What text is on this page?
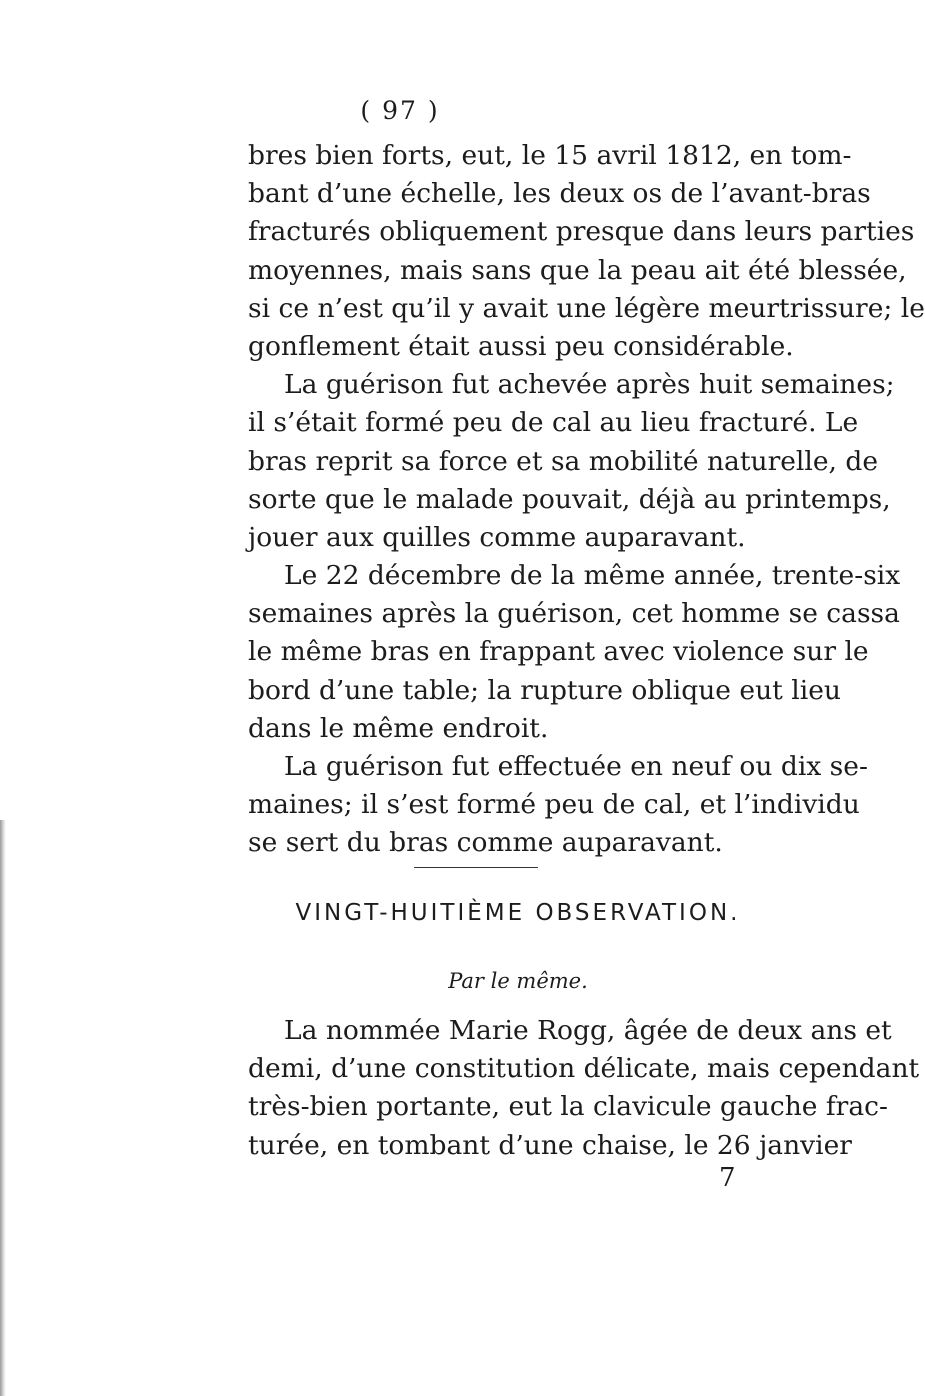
( 97 )
bres bien forts, eut, le 15 avril 1812, en tom-
bant d’une échelle, les deux os de l’avant-bras
fracturés obliquement presque dans leurs parties
moyennes, mais sans que la peau ait été blessée,
si ce n’est qu’il y avait une légère meurtrissure; le
gonflement était aussi peu considérable.
La guérison fut achevée après huit semaines;
il s’était formé peu de cal au lieu fracturé. Le
bras reprit sa force et sa mobilité naturelle, de
sorte que le malade pouvait, déjà au printemps,
jouer aux quilles comme auparavant.
Le 22 décembre de la même année, trente-six
semaines après la guérison, cet homme se cassa
le même bras en frappant avec violence sur le
bord d’une table; la rupture oblique eut lieu
dans le même endroit.
La guérison fut effectuée en neuf ou dix se-
maines; il s’est formé peu de cal, et l’individu
se sert du bras comme auparavant.
VINGT-HUITIÈME OBSERVATION.
Par le même.
La nommée Marie Rogg, âgée de deux ans et
demi, d’une constitution délicate, mais cependant
très-bien portante, eut la clavicule gauche frac-
turée, en tombant d’une chaise, le 26 janvier
7
